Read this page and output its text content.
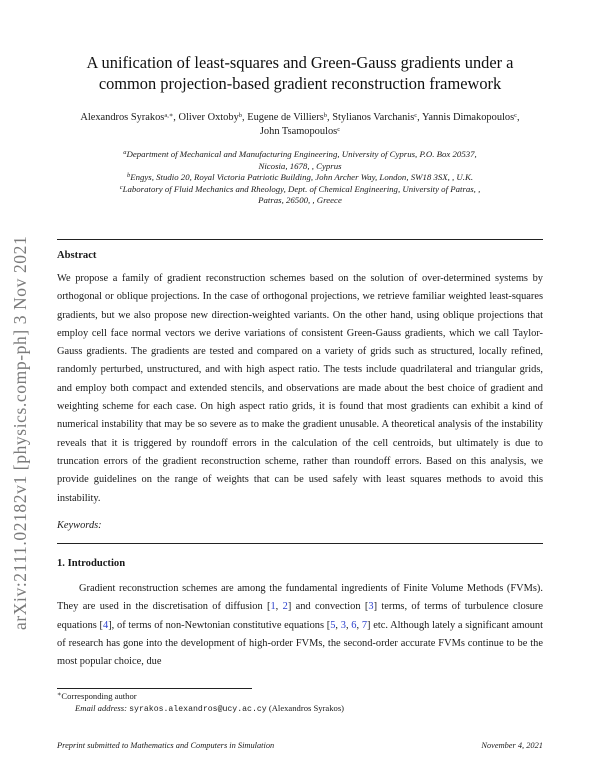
arXiv:2111.02182v1 [physics.comp-ph] 3 Nov 2021
A unification of least-squares and Green-Gauss gradients under a
common projection-based gradient reconstruction framework
Alexandros Syrakos$^{a,∗}$, Oliver Oxtoby$^b$, Eugene de Villiers$^b$, Stylianos Varchanis$^c$, Yannis Dimakopoulos$^c$, John Tsamopoulos$^c$
$^a$Department of Mechanical and Manufacturing Engineering, University of Cyprus, P.O. Box 20537, Nicosia, 1678, , Cyprus
$^b$Engys, Studio 20, Royal Victoria Patriotic Building, John Archer Way, London, SW18 3SX, , U.K.
$^c$Laboratory of Fluid Mechanics and Rheology, Dept. of Chemical Engineering, University of Patras, , Patras, 26500, , Greece
Abstract
We propose a family of gradient reconstruction schemes based on the solution of over-determined systems by orthogonal or oblique projections. In the case of orthogonal projections, we retrieve familiar weighted least-squares gradients, but we also propose new direction-weighted variants. On the other hand, using oblique projections that employ cell face normal vectors we derive variations of consistent Green-Gauss gradients, which we call Taylor-Gauss gradients. The gradients are tested and compared on a variety of grids such as structured, locally refined, randomly perturbed, unstructured, and with high aspect ratio. The tests include quadrilateral and triangular grids, and employ both compact and extended stencils, and observations are made about the best choice of gradient and weighting scheme for each case. On high aspect ratio grids, it is found that most gradients can exhibit a kind of numerical instability that may be so severe as to make the gradient unusable. A theoretical analysis of the instability reveals that it is triggered by roundoff errors in the calculation of the cell centroids, but ultimately is due to truncation errors of the gradient reconstruction scheme, rather than roundoff errors. Based on this analysis, we provide guidelines on the range of weights that can be used safely with least squares methods to avoid this instability.
Keywords:
1. Introduction
Gradient reconstruction schemes are among the fundamental ingredients of Finite Volume Methods (FVMs). They are used in the discretisation of diffusion [1, 2] and convection [3] terms, of terms of turbulence closure equations [4], of terms of non-Newtonian constitutive equations [5, 3, 6, 7] etc. Although lately a significant amount of research has gone into the development of high-order FVMs, the second-order accurate FVMs continue to be the most popular choice, due
∗Corresponding author
Email address: syrakos.alexandros@ucy.ac.cy (Alexandros Syrakos)
Preprint submitted to Mathematics and Computers in Simulation	November 4, 2021
